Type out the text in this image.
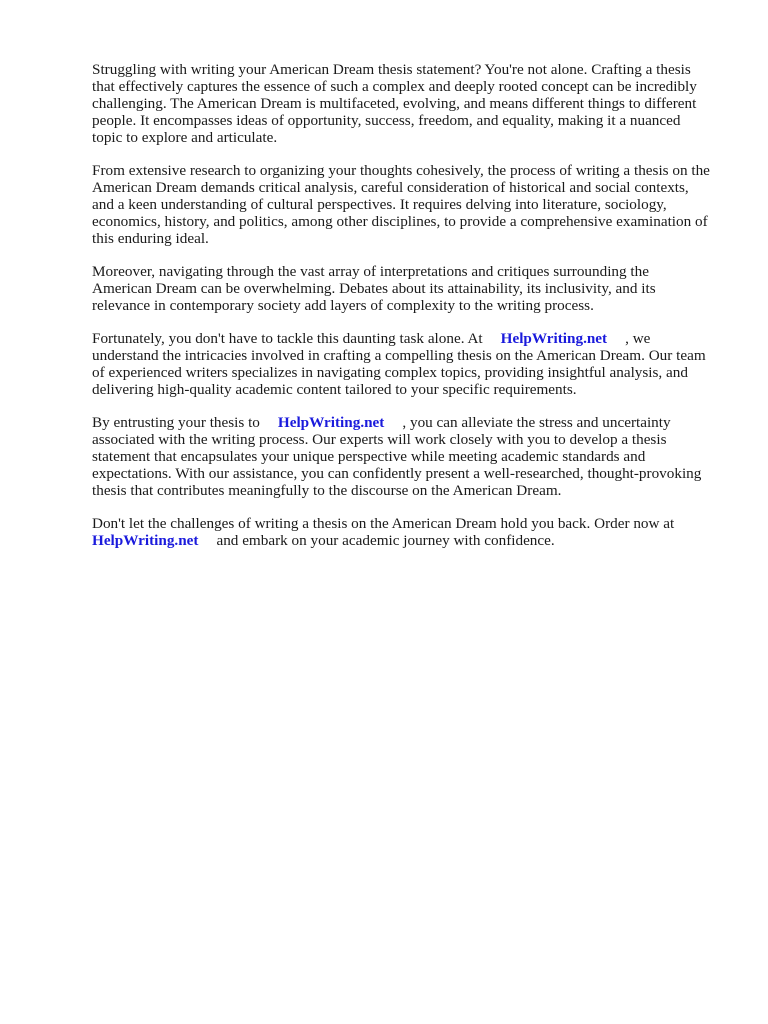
Struggling with writing your American Dream thesis statement? You're not alone. Crafting a thesis
that effectively captures the essence of such a complex and deeply rooted concept can be incredibly
challenging. The American Dream is multifaceted, evolving, and means different things to different
people. It encompasses ideas of opportunity, success, freedom, and equality, making it a nuanced
topic to explore and articulate.

From extensive research to organizing your thoughts cohesively, the process of writing a thesis on the
American Dream demands critical analysis, careful consideration of historical and social contexts,
and a keen understanding of cultural perspectives. It requires delving into literature, sociology,
economics, history, and politics, among other disciplines, to provide a comprehensive examination of
this enduring ideal.

Moreover, navigating through the vast array of interpretations and critiques surrounding the
American Dream can be overwhelming. Debates about its attainability, its inclusivity, and its
relevance in contemporary society add layers of complexity to the writing process.

Fortunately, you don't have to tackle this daunting task alone. At HelpWriting.net , we
understand the intricacies involved in crafting a compelling thesis on the American Dream. Our team
of experienced writers specializes in navigating complex topics, providing insightful analysis, and
delivering high-quality academic content tailored to your specific requirements.

By entrusting your thesis to HelpWriting.net , you can alleviate the stress and uncertainty
associated with the writing process. Our experts will work closely with you to develop a thesis
statement that encapsulates your unique perspective while meeting academic standards and
expectations. With our assistance, you can confidently present a well-researched, thought-provoking
thesis that contributes meaningfully to the discourse on the American Dream.

Don't let the challenges of writing a thesis on the American Dream hold you back. Order now at
HelpWriting.net and embark on your academic journey with confidence.
